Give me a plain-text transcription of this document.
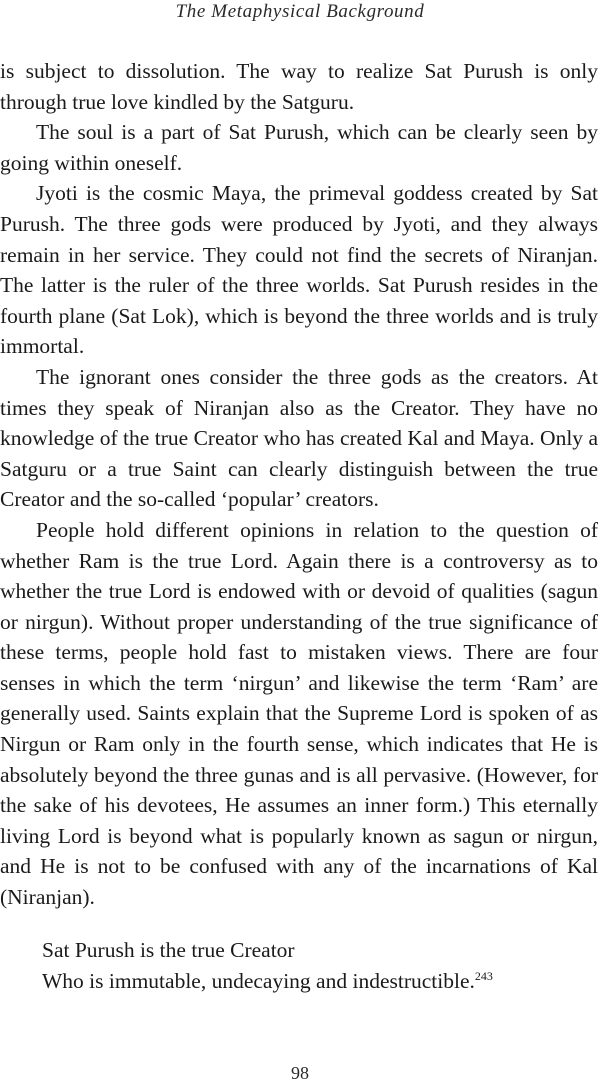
The Metaphysical Background

is subject to dissolution. The way to realize Sat Purush is only through true love kindled by the Satguru.

The soul is a part of Sat Purush, which can be clearly seen by going within oneself.

Jyoti is the cosmic Maya, the primeval goddess created by Sat Purush. The three gods were produced by Jyoti, and they always remain in her service. They could not find the secrets of Niranjan. The latter is the ruler of the three worlds. Sat Purush resides in the fourth plane (Sat Lok), which is beyond the three worlds and is truly immortal.

The ignorant ones consider the three gods as the creators. At times they speak of Niranjan also as the Creator. They have no knowledge of the true Creator who has created Kal and Maya. Only a Satguru or a true Saint can clearly distinguish between the true Creator and the so-called ‘popular’ creators.

People hold different opinions in relation to the question of whether Ram is the true Lord. Again there is a controversy as to whether the true Lord is endowed with or devoid of qualities (sagun or nirgun). Without proper understanding of the true significance of these terms, people hold fast to mistaken views. There are four senses in which the term ‘nirgun’ and likewise the term ‘Ram’ are generally used. Saints explain that the Supreme Lord is spoken of as Nirgun or Ram only in the fourth sense, which indicates that He is absolutely beyond the three gunas and is all pervasive. (However, for the sake of his devotees, He assumes an inner form.) This eternally living Lord is beyond what is popularly known as sagun or nirgun, and He is not to be confused with any of the incarnations of Kal (Niranjan).

Sat Purush is the true Creator
Who is immutable, undecaying and indestructible.$^{243}$
98
